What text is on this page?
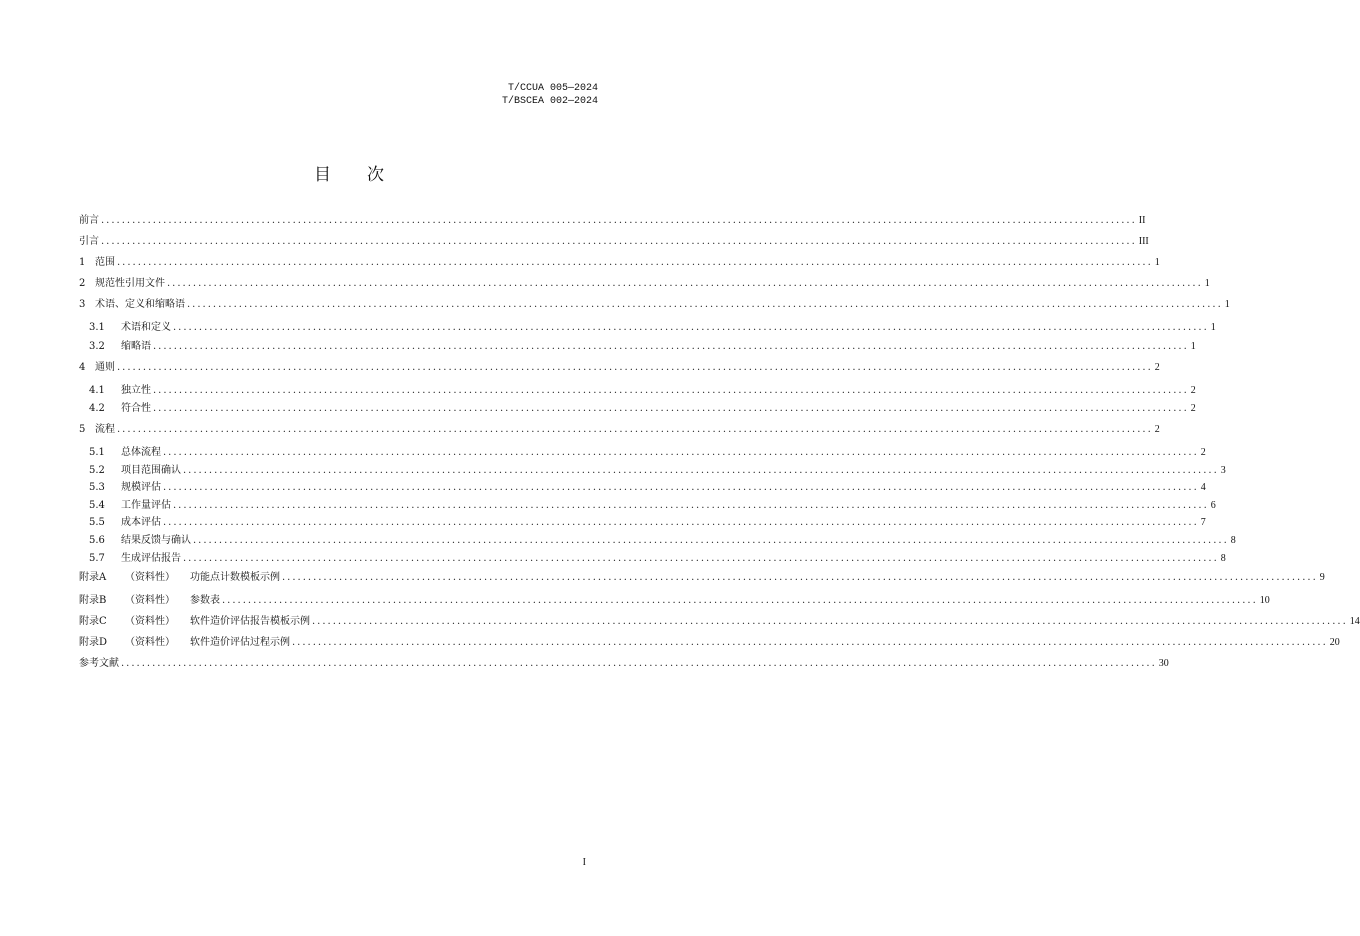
T/CCUA 005—2024
T/BSCEA 002—2024
目次
前言 ........................................................................................................................................................................................................ II
引言 ........................................................................................................................................................................................................ III
1 范围 ........................................................................................................................................................................................................ 1
2 规范性引用文件 ........................................................................................................................................................................................................ 1
3 术语、定义和缩略语 ........................................................................................................................................................................................................ 1
3.1 术语和定义 ........................................................................................................................................................................................................ 1
3.2 缩略语 ........................................................................................................................................................................................................ 1
4 通则 ........................................................................................................................................................................................................ 2
4.1 独立性 ........................................................................................................................................................................................................ 2
4.2 符合性 ........................................................................................................................................................................................................ 2
5 流程 ........................................................................................................................................................................................................ 2
5.1 总体流程 ........................................................................................................................................................................................................ 2
5.2 项目范围确认 ........................................................................................................................................................................................................ 3
5.3 规模评估 ........................................................................................................................................................................................................ 4
5.4 工作量评估 ........................................................................................................................................................................................................ 6
5.5 成本评估 ........................................................................................................................................................................................................ 7
5.6 结果反馈与确认 ........................................................................................................................................................................................................ 8
5.7 生成评估报告 ........................................................................................................................................................................................................ 8
附录A （资料性） 功能点计数模板示例 ........................................................................................................................................................................................................ 9
附录B （资料性） 参数表 ........................................................................................................................................................................................................ 10
附录C （资料性） 软件造价评估报告模板示例 ........................................................................................................................................................................................................ 14
附录D （资料性） 软件造价评估过程示例 ........................................................................................................................................................................................................ 20
参考文献 ........................................................................................................................................................................................................ 30
I
